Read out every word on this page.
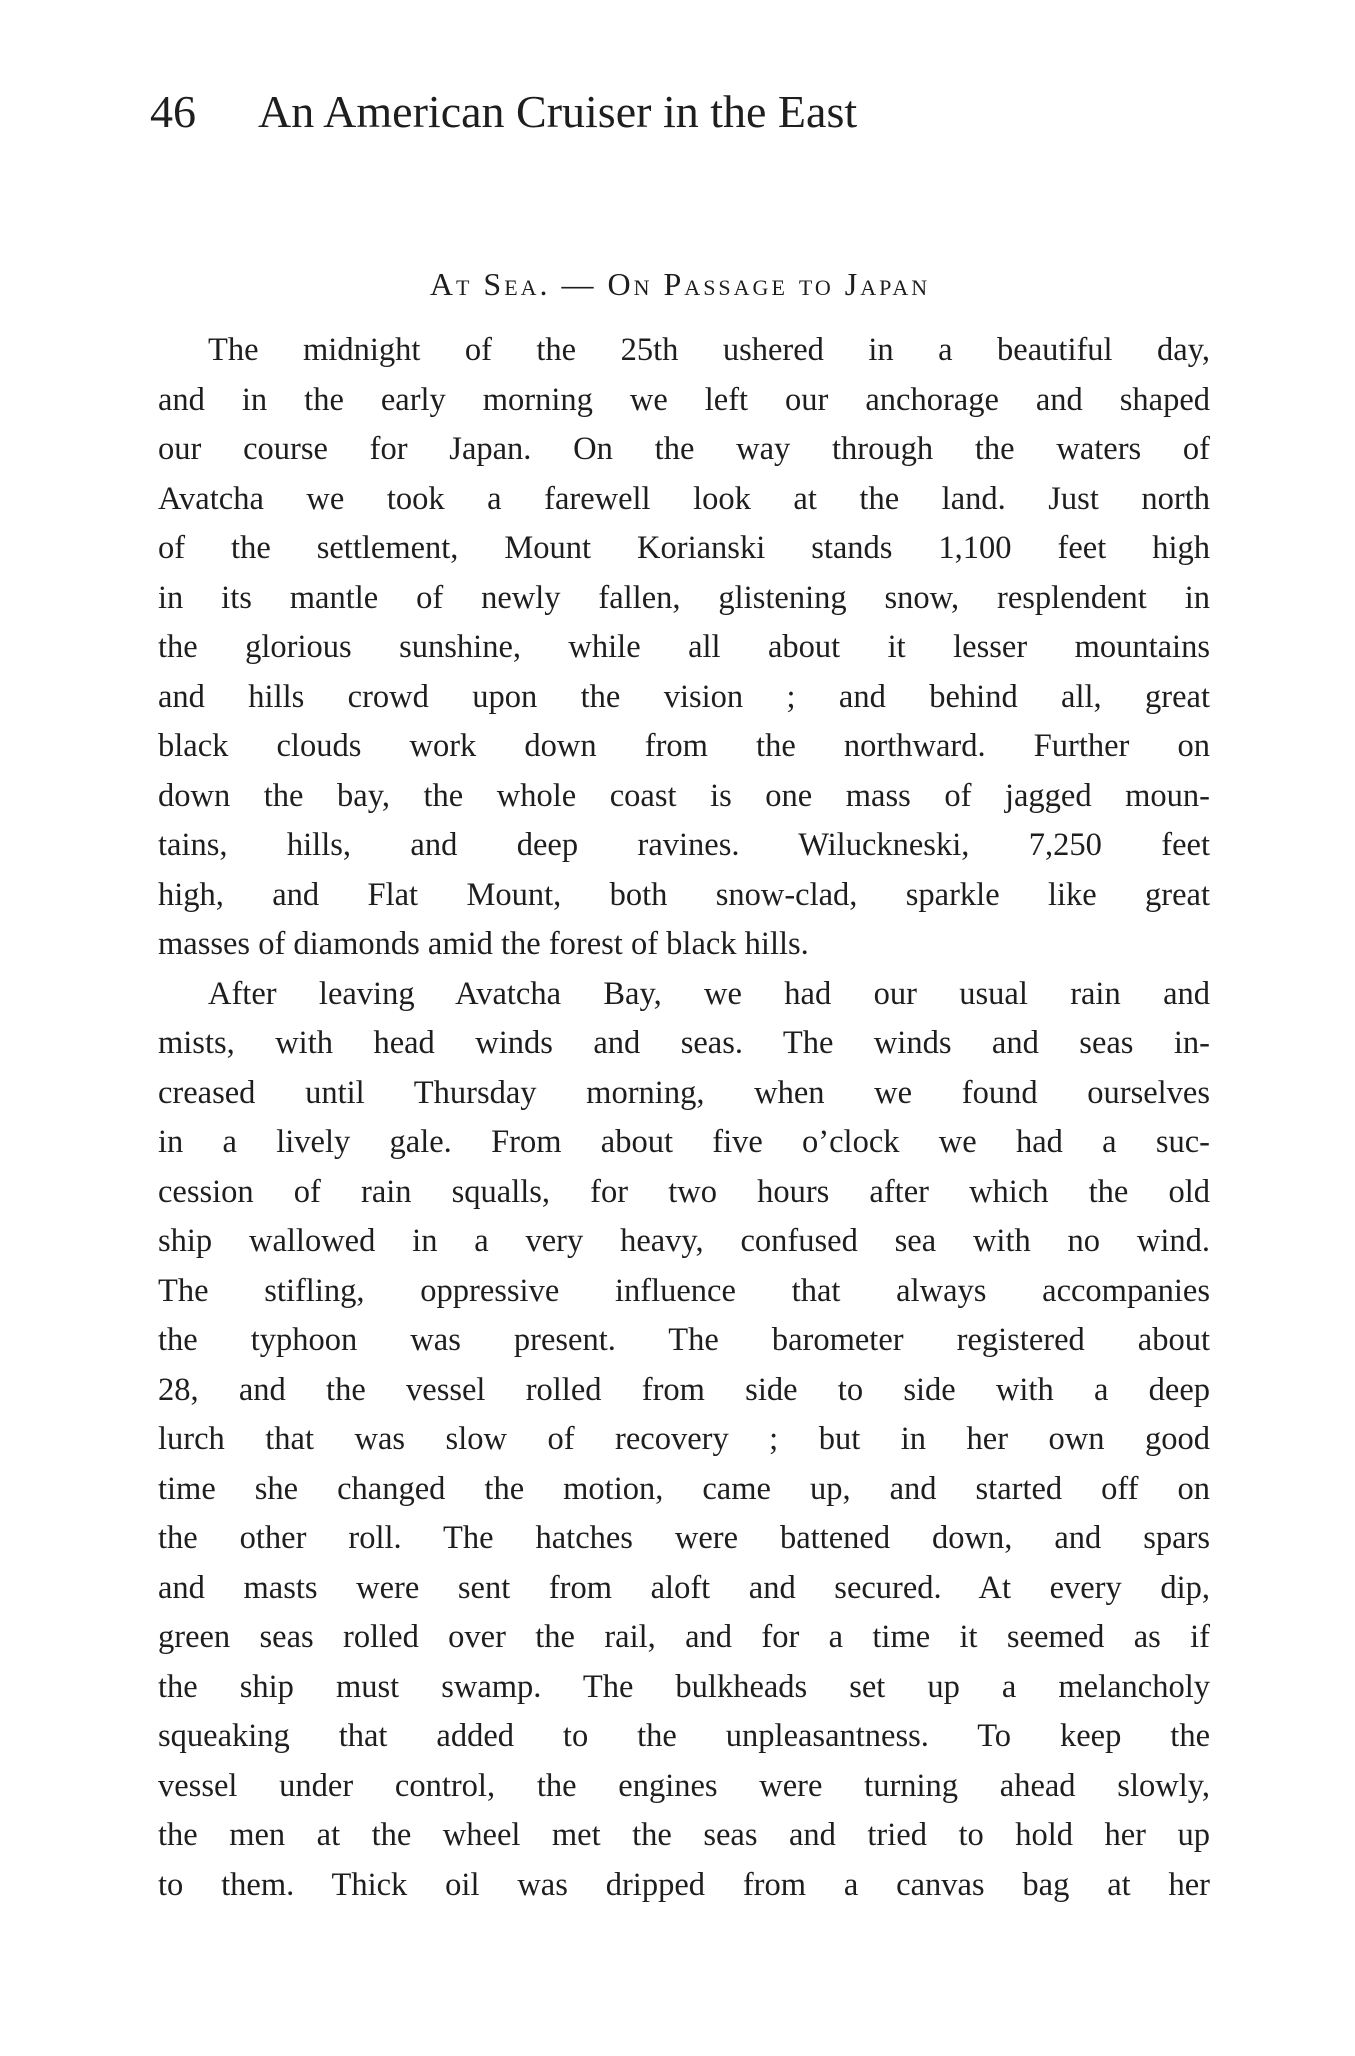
46 An American Cruiser in the East
At Sea. — On Passage to Japan
The midnight of the 25th ushered in a beautiful day,
and in the early morning we left our anchorage and shaped
our course for Japan. On the way through the waters of
Avatcha we took a farewell look at the land. Just north
of the settlement, Mount Korianski stands 1,100 feet high
in its mantle of newly fallen, glistening snow, resplendent in
the glorious sunshine, while all about it lesser mountains
and hills crowd upon the vision ; and behind all, great
black clouds work down from the northward. Further on
down the bay, the whole coast is one mass of jagged moun-
tains, hills, and deep ravines. Wiluckneski, 7,250 feet
high, and Flat Mount, both snow-clad, sparkle like great
masses of diamonds amid the forest of black hills.
After leaving Avatcha Bay, we had our usual rain and
mists, with head winds and seas. The winds and seas in-
creased until Thursday morning, when we found ourselves
in a lively gale. From about five o’clock we had a suc-
cession of rain squalls, for two hours after which the old
ship wallowed in a very heavy, confused sea with no wind.
The stifling, oppressive influence that always accompanies
the typhoon was present. The barometer registered about
28, and the vessel rolled from side to side with a deep
lurch that was slow of recovery ; but in her own good
time she changed the motion, came up, and started off on
the other roll. The hatches were battened down, and spars
and masts were sent from aloft and secured. At every dip,
green seas rolled over the rail, and for a time it seemed as if
the ship must swamp. The bulkheads set up a melancholy
squeaking that added to the unpleasantness. To keep the
vessel under control, the engines were turning ahead slowly,
the men at the wheel met the seas and tried to hold her up
to them. Thick oil was dripped from a canvas bag at her
